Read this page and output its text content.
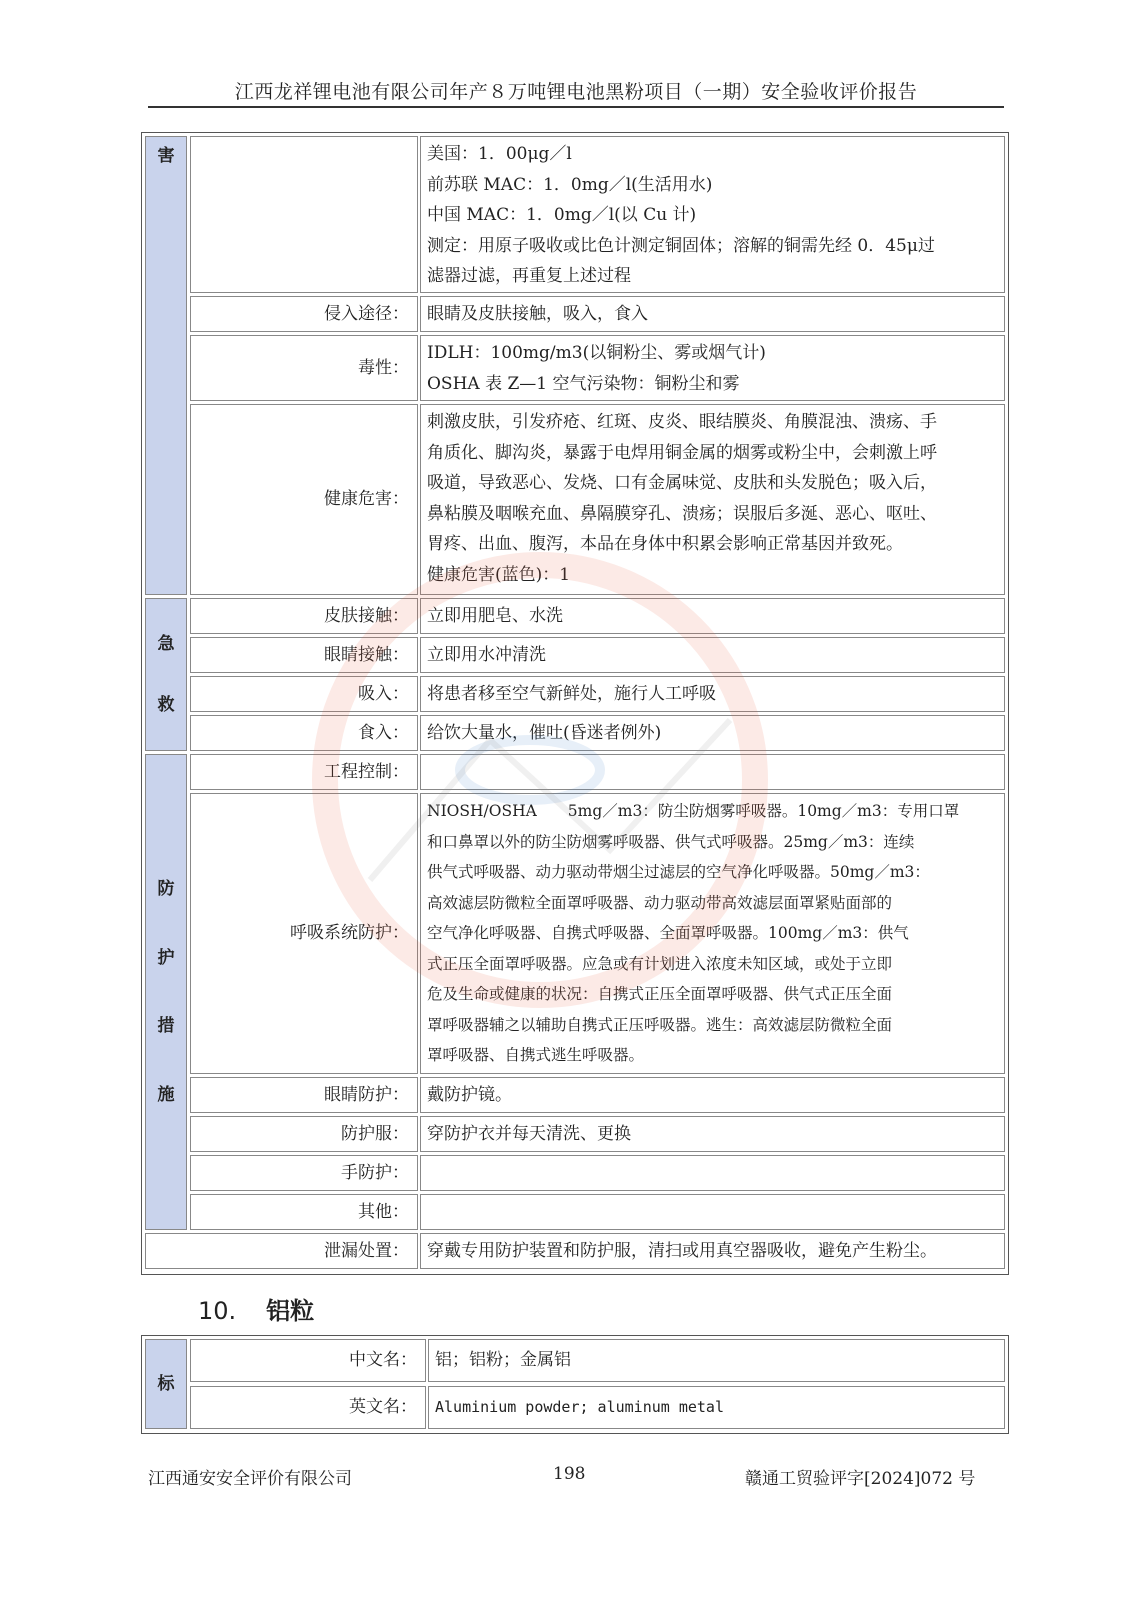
江西龙祥锂电池有限公司年产８万吨锂电池黑粉项目（一期）安全验收评价报告
害	美国：1．00μg／l
前苏联 MAC：1．0mg／l(生活用水)
中国 MAC：1．0mg／l(以 Cu 计)
测定：用原子吸收或比色计测定铜固体；溶解的铜需先经 0．45μ过
滤器过滤，再重复上述过程
侵入途径：	眼睛及皮肤接触，吸入，食入
毒性：
IDLH：100mg/m3(以铜粉尘、雾或烟气计)
OSHA 表 Z—1 空气污染物：铜粉尘和雾
健康危害：
刺激皮肤，引发疥疮、红斑、皮炎、眼结膜炎、角膜混浊、溃疡、手
角质化、脚沟炎，暴露于电焊用铜金属的烟雾或粉尘中，会刺激上呼
吸道，导致恶心、发烧、口有金属味觉、皮肤和头发脱色；吸入后，
鼻粘膜及咽喉充血、鼻隔膜穿孔、溃疡；误服后多涎、恶心、呕吐、
胃疼、出血、腹泻，本品在身体中积累会影响正常基因并致死。
健康危害(蓝色)：1
急
救
皮肤接触：	立即用肥皂、水洗
眼睛接触：	立即用水冲清洗
吸入：	将患者移至空气新鲜处，施行人工呼吸
食入：	给饮大量水，催吐(昏迷者例外)
防
护
措
施
工程控制：
呼吸系统防护：
NIOSH/OSHA　　5mg／m3：防尘防烟雾呼吸器。10mg／m3：专用口罩
和口鼻罩以外的防尘防烟雾呼吸器、供气式呼吸器。25mg／m3：连续
供气式呼吸器、动力驱动带烟尘过滤层的空气净化呼吸器。50mg／m3：
高效滤层防微粒全面罩呼吸器、动力驱动带高效滤层面罩紧贴面部的
空气净化呼吸器、自携式呼吸器、全面罩呼吸器。100mg／m3：供气
式正压全面罩呼吸器。应急或有计划进入浓度未知区域，或处于立即
危及生命或健康的状况：自携式正压全面罩呼吸器、供气式正压全面
罩呼吸器辅之以辅助自携式正压呼吸器。逃生：高效滤层防微粒全面
罩呼吸器、自携式逃生呼吸器。
眼睛防护：	戴防护镜。
防护服：	穿防护衣并每天清洗、更换
手防护：
其他：
泄漏处置：	穿戴专用防护装置和防护服，清扫或用真空器吸收，避免产生粉尘。
10. 铝粒
标
中文名：	铝；铝粉；金属铝
英文名：	Aluminium powder; aluminum metal
江西通安安全评价有限公司	198	赣通工贸验评字[2024]072 号
